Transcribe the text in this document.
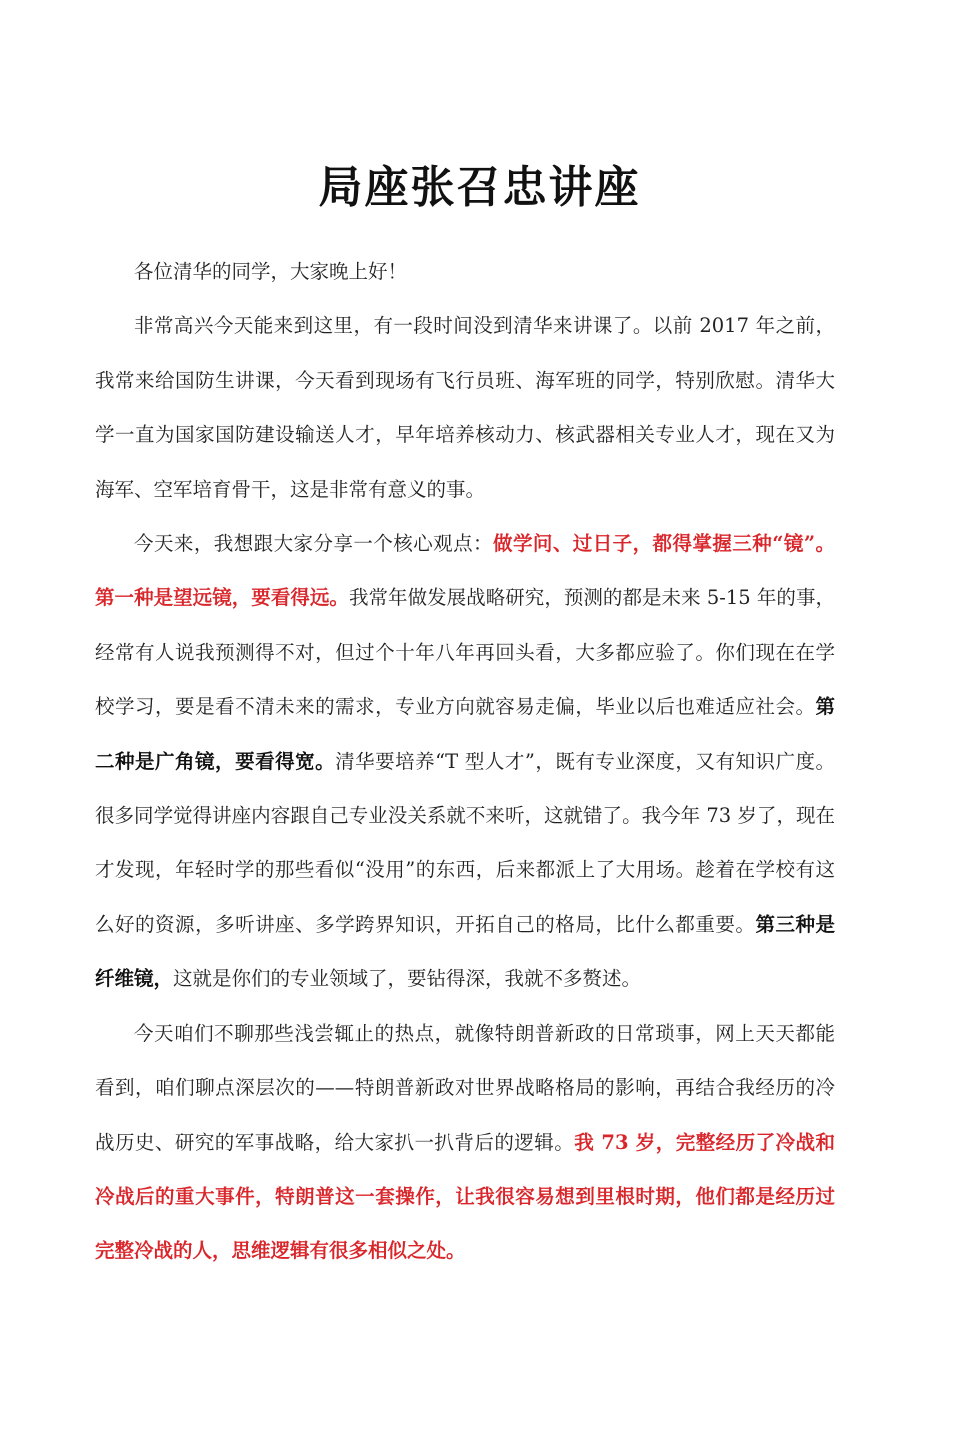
局座张召忠讲座

各位清华的同学，大家晚上好！

非常高兴今天能来到这里，有一段时间没到清华来讲课了。以前 2017 年之前，我常来给国防生讲课，今天看到现场有飞行员班、海军班的同学，特别欣慰。清华大学一直为国家国防建设输送人才，早年培养核动力、核武器相关专业人才，现在又为海军、空军培育骨干，这是非常有意义的事。

今天来，我想跟大家分享一个核心观点：做学问、过日子，都得掌握三种“镜”。第一种是望远镜，要看得远。我常年做发展战略研究，预测的都是未来 5-15 年的事，经常有人说我预测得不对，但过个十年八年再回头看，大多都应验了。你们现在在学校学习，要是看不清未来的需求，专业方向就容易走偏，毕业以后也难适应社会。第二种是广角镜，要看得宽。清华要培养“T 型人才”，既有专业深度，又有知识广度。很多同学觉得讲座内容跟自己专业没关系就不来听，这就错了。我今年 73 岁了，现在才发现，年轻时学的那些看似“没用”的东西，后来都派上了大用场。趁着在学校有这么好的资源，多听讲座、多学跨界知识，开拓自己的格局，比什么都重要。第三种是纤维镜，这就是你们的专业领域了，要钻得深，我就不多赘述。

今天咱们不聊那些浅尝辄止的热点，就像特朗普新政的日常琐事，网上天天都能看到，咱们聊点深层次的——特朗普新政对世界战略格局的影响，再结合我经历的冷战历史、研究的军事战略，给大家扒一扒背后的逻辑。我 73 岁，完整经历了冷战和冷战后的重大事件，特朗普这一套操作，让我很容易想到里根时期，他们都是经历过完整冷战的人，思维逻辑有很多相似之处。
